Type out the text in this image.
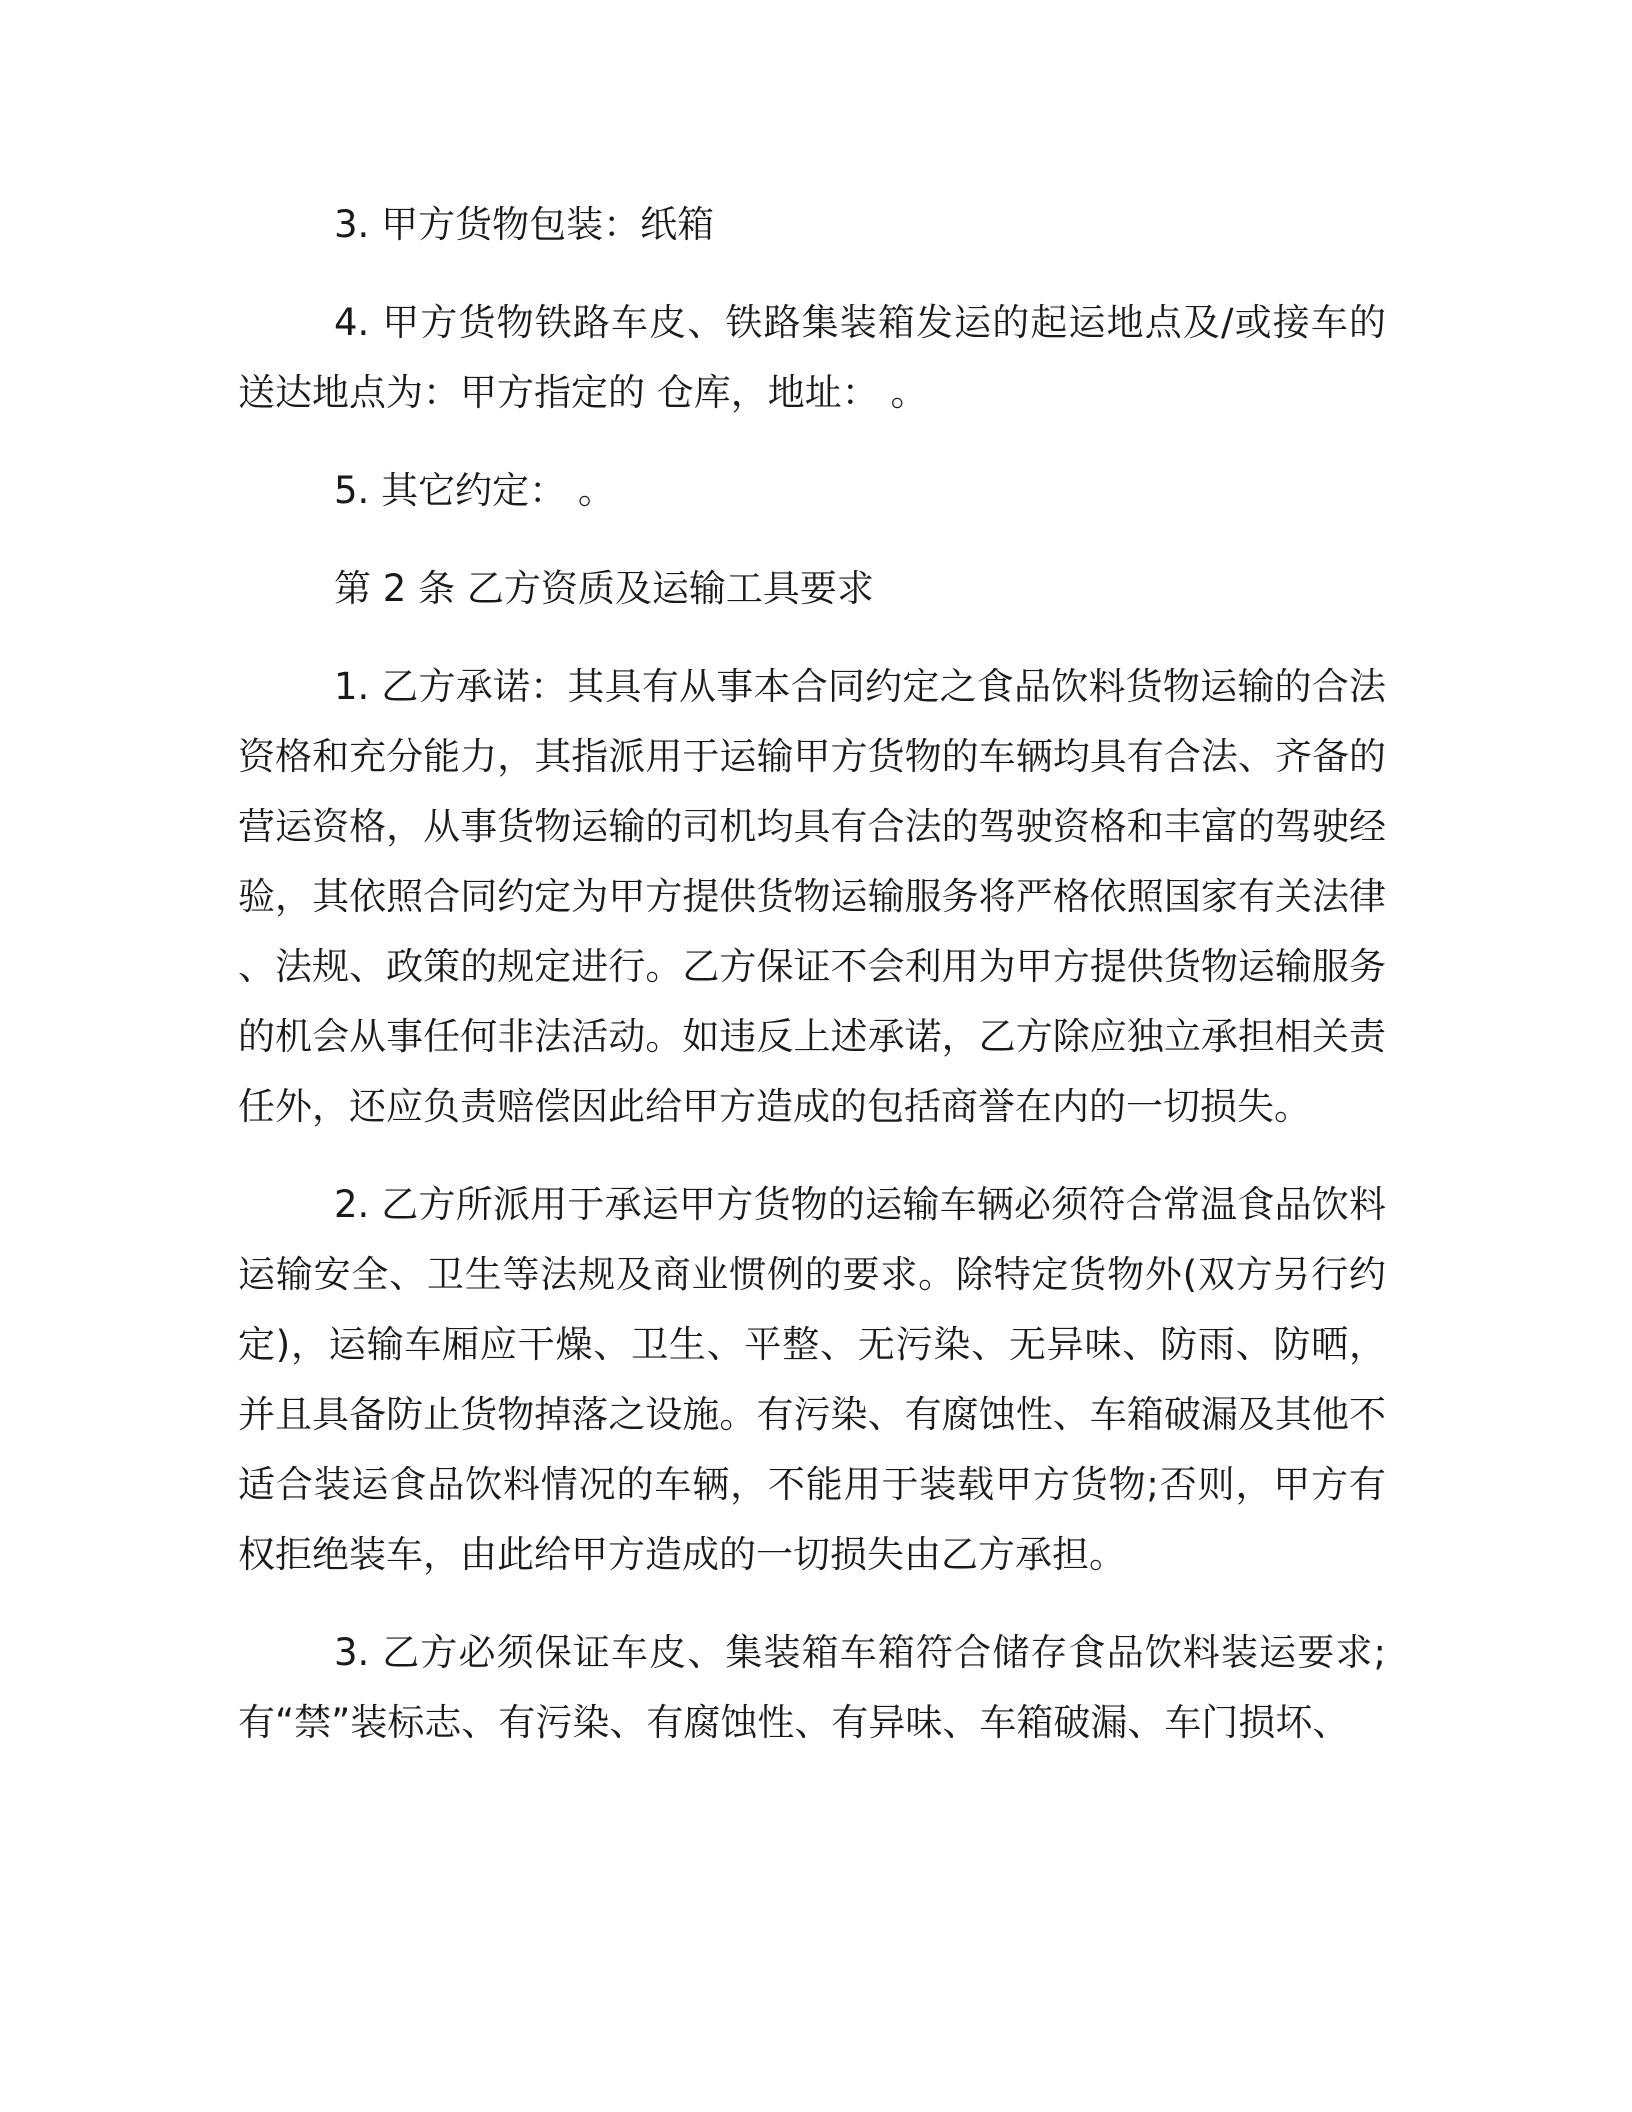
3. 甲方货物包装：纸箱

4. 甲方货物铁路车皮、铁路集装箱发运的起运地点及/或接车的送达地点为：甲方指定的 仓库，地址： 。

5. 其它约定： 。

第 2 条 乙方资质及运输工具要求

1. 乙方承诺：其具有从事本合同约定之食品饮料货物运输的合法资格和充分能力，其指派用于运输甲方货物的车辆均具有合法、齐备的营运资格，从事货物运输的司机均具有合法的驾驶资格和丰富的驾驶经验，其依照合同约定为甲方提供货物运输服务将严格依照国家有关法律、法规、政策的规定进行。乙方保证不会利用为甲方提供货物运输服务的机会从事任何非法活动。如违反上述承诺，乙方除应独立承担相关责任外，还应负责赔偿因此给甲方造成的包括商誉在内的一切损失。

2. 乙方所派用于承运甲方货物的运输车辆必须符合常温食品饮料运输安全、卫生等法规及商业惯例的要求。除特定货物外(双方另行约定)，运输车厢应干燥、卫生、平整、无污染、无异味、防雨、防晒，并且具备防止货物掉落之设施。有污染、有腐蚀性、车箱破漏及其他不适合装运食品饮料情况的车辆，不能用于装载甲方货物;否则，甲方有权拒绝装车，由此给甲方造成的一切损失由乙方承担。

3. 乙方必须保证车皮、集装箱车箱符合储存食品饮料装运要求;有“禁”装标志、有污染、有腐蚀性、有异味、车箱破漏、车门损坏、
